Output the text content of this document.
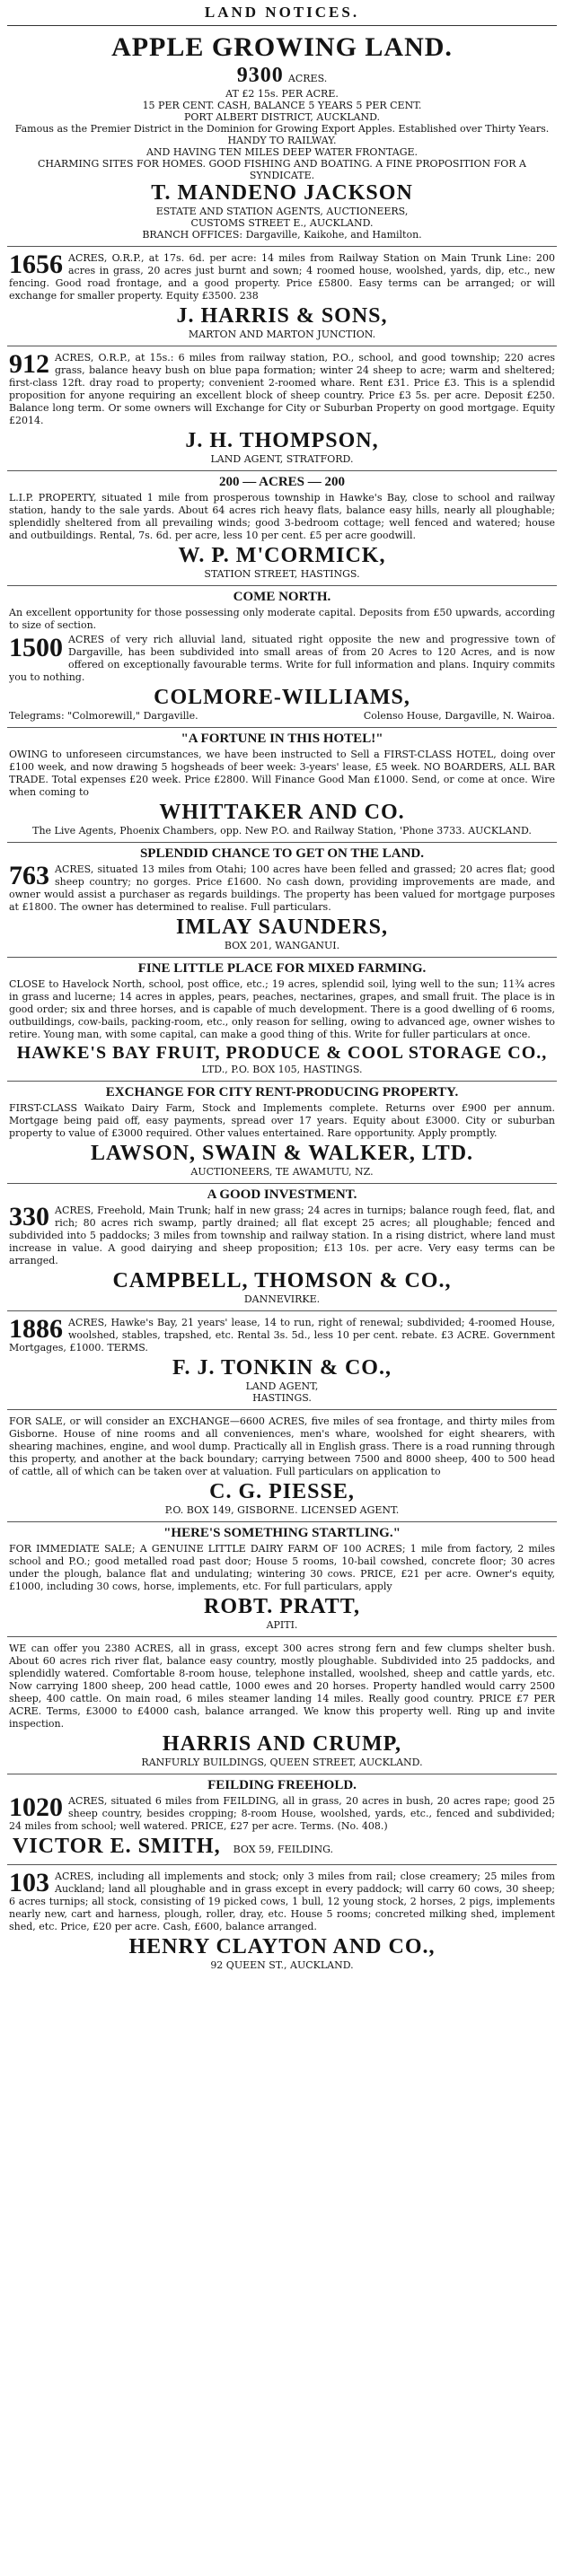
LAND NOTICES.
APPLE GROWING LAND.
9300 ACRES.
AT £2 15s. PER ACRE.
15 PER CENT. CASH, BALANCE 5 YEARS 5 PER CENT.
PORT ALBERT DISTRICT, AUCKLAND.
Famous as the Premier District in the Dominion for Growing Export Apples. Established over Thirty Years.
HANDY TO RAILWAY.
AND HAVING TEN MILES DEEP WATER FRONTAGE.
CHARMING SITES FOR HOMES. GOOD FISHING AND BOATING. A FINE PROPOSITION FOR A SYNDICATE.
T. MANDENO JACKSON
ESTATE AND STATION AGENTS, AUCTIONEERS,
CUSTOMS STREET E., AUCKLAND.
BRANCH OFFICES: Dargaville, Kaikohe, and Hamilton.
1656 ACRES, O.R.P., at 17s. 6d. per acre: 14 miles from Railway Station on Main Trunk Line: 200 acres in grass, 20 acres just burnt and sown; 4 roomed house, woolshed, yards, dip, etc., new fencing. Good road frontage, and a good property. Price £5800. Easy terms can be arranged; or will exchange for smaller property. Equity £3500. 238
J. HARRIS & SONS,
MARTON AND MARTON JUNCTION.
912 ACRES, O.R.P., at 15s.: 6 miles from railway station, P.O., school, and good township; 220 acres grass, balance heavy bush on blue papa formation; winter 24 sheep to acre; warm and sheltered; first-class 12ft. dray road to property; convenient 2-roomed whare. Rent £31. Price £3. This is a splendid proposition for anyone requiring an excellent block of sheep country. Price £3 5s. per acre. Deposit £250. Balance long term. Or some owners will Exchange for City or Suburban Property on good mortgage. Equity £2014.
J. H. THOMPSON,
LAND AGENT, STRATFORD.
200 — ACRES — 200
L.I.P. PROPERTY, situated 1 mile from prosperous township in Hawke's Bay, close to school and railway station, handy to the sale yards. About 64 acres rich heavy flats, balance easy hills, nearly all ploughable; splendidly sheltered from all prevailing winds; good 3-bedroom cottage; well fenced and watered; house and outbuildings. Rental, 7s. 6d. per acre, less 10 per cent. £5 per acre goodwill.
W. P. M'CORMICK,
STATION STREET, HASTINGS.
COME NORTH.
An excellent opportunity for those possessing only moderate capital. Deposits from £50 upwards, according to size of section.
1500 ACRES of very rich alluvial land, situated right opposite the new and progressive town of Dargaville, has been subdivided into small areas of from 20 Acres to 120 Acres, and is now offered on exceptionally favourable terms. Write for full information and plans. Inquiry commits you to nothing.
COLMORE-WILLIAMS,
Telegrams: "Colmorewill," Dargaville.	Colenso House, Dargaville, N. Wairoa.
"A FORTUNE IN THIS HOTEL!"
OWING to unforeseen circumstances, we have been instructed to Sell a FIRST-CLASS HOTEL, doing over £100 week, and now drawing 5 hogsheads of beer week: 3-years' lease, £5 week. NO BOARDERS, ALL BAR TRADE. Total expenses £20 week. Price £2800. Will Finance Good Man £1000. Send, or come at once. Wire when coming to
WHITTAKER AND CO.
The Live Agents, Phoenix Chambers, opp. New P.O. and Railway Station, 'Phone 3733. AUCKLAND.
SPLENDID CHANCE TO GET ON THE LAND.
763 ACRES, situated 13 miles from Otahi; 100 acres have been felled and grassed; 20 acres flat; good sheep country; no gorges. Price £1600. No cash down, providing improvements are made, and owner would assist a purchaser as regards buildings. The property has been valued for mortgage purposes at £1800. The owner has determined to realise. Full particulars.
IMLAY SAUNDERS,
BOX 201, WANGANUI.
FINE LITTLE PLACE FOR MIXED FARMING.
CLOSE to Havelock North, school, post office, etc.; 19 acres, splendid soil, lying well to the sun; 11¾ acres in grass and lucerne; 14 acres in apples, pears, peaches, nectarines, grapes, and small fruit. The place is in good order; six and three horses, and is capable of much development. There is a good dwelling of 6 rooms, outbuildings, cow-bails, packing-room, etc., only reason for selling, owing to advanced age, owner wishes to retire. Young man, with some capital, can make a good thing of this. Write for fuller particulars at once.
HAWKE'S BAY FRUIT, PRODUCE & COOL STORAGE CO.,
LTD., P.O. BOX 105, HASTINGS.
EXCHANGE FOR CITY RENT-PRODUCING PROPERTY.
FIRST-CLASS Waikato Dairy Farm, Stock and Implements complete. Returns over £900 per annum. Mortgage being paid off, easy payments, spread over 17 years. Equity about £3000. City or suburban property to value of £3000 required. Other values entertained. Rare opportunity. Apply promptly.
LAWSON, SWAIN & WALKER, LTD.
AUCTIONEERS, TE AWAMUTU, NZ.
A GOOD INVESTMENT.
330 ACRES, Freehold, Main Trunk; half in new grass; 24 acres in turnips; balance rough feed, flat, and rich; 80 acres rich swamp, partly drained; all flat except 25 acres; all ploughable; fenced and subdivided into 5 paddocks; 3 miles from township and railway station. In a rising district, where land must increase in value. A good dairying and sheep proposition; £13 10s. per acre. Very easy terms can be arranged.
CAMPBELL, THOMSON & CO.,
DANNEVIRKE.
1886 ACRES, Hawke's Bay, 21 years' lease, 14 to run, right of renewal; subdivided; 4-roomed House, woolshed, stables, trapshed, etc. Rental 3s. 5d., less 10 per cent. rebate. £3 ACRE. Government Mortgages, £1000. TERMS.
F. J. TONKIN & CO.,
LAND AGENT,
HASTINGS.
FOR SALE, or will consider an EXCHANGE—6600 ACRES, five miles of sea frontage, and thirty miles from Gisborne. House of nine rooms and all conveniences, men's whare, woolshed for eight shearers, with shearing machines, engine, and wool dump. Practically all in English grass. There is a road running through this property, and another at the back boundary; carrying between 7500 and 8000 sheep, 400 to 500 head of cattle, all of which can be taken over at valuation. Full particulars on application to
C. G. PIESSE,
P.O. BOX 149, GISBORNE. LICENSED AGENT.
"HERE'S SOMETHING STARTLING."
FOR IMMEDIATE SALE; A GENUINE LITTLE DAIRY FARM OF 100 ACRES; 1 mile from factory, 2 miles school and P.O.; good metalled road past door; House 5 rooms, 10-bail cowshed, concrete floor; 30 acres under the plough, balance flat and undulating; wintering 30 cows. PRICE, £21 per acre. Owner's equity, £1000, including 30 cows, horse, implements, etc. For full particulars, apply
ROBT. PRATT,
APITI.
WE can offer you 2380 ACRES, all in grass, except 300 acres strong fern and few clumps shelter bush. About 60 acres rich river flat, balance easy country, mostly ploughable. Subdivided into 25 paddocks, and splendidly watered. Comfortable 8-room house, telephone installed, woolshed, sheep and cattle yards, etc. Now carrying 1800 sheep, 200 head cattle, 1000 ewes and 20 horses. Property handled would carry 2500 sheep, 400 cattle. On main road, 6 miles steamer landing 14 miles. Really good country. PRICE £7 PER ACRE. Terms, £3000 to £4000 cash, balance arranged. We know this property well. Ring up and invite inspection.
HARRIS AND CRUMP,
RANFURLY BUILDINGS, QUEEN STREET, AUCKLAND.
FEILDING FREEHOLD.
1020 ACRES, situated 6 miles from FEILDING, all in grass, 20 acres in bush, 20 acres rape; good 25 sheep country, besides cropping; 8-room House, woolshed, yards, etc., fenced and subdivided; 24 miles from school; well watered. PRICE, £27 per acre. Terms. (No. 408.)
VICTOR E. SMITH, BOX 59, FEILDING.
103 ACRES, including all implements and stock; only 3 miles from rail; close creamery; 25 miles from Auckland; land all ploughable and in grass except in every paddock; will carry 60 cows, 30 sheep; 6 acres turnips; all stock, consisting of 19 picked cows, 1 bull, 12 young stock, 2 horses, 2 pigs, implements nearly new, cart and harness, plough, roller, dray, etc. House 5 rooms; concreted milking shed, implement shed, etc. Price, £20 per acre. Cash, £600, balance arranged.
HENRY CLAYTON AND CO.,
92 QUEEN ST., AUCKLAND.
